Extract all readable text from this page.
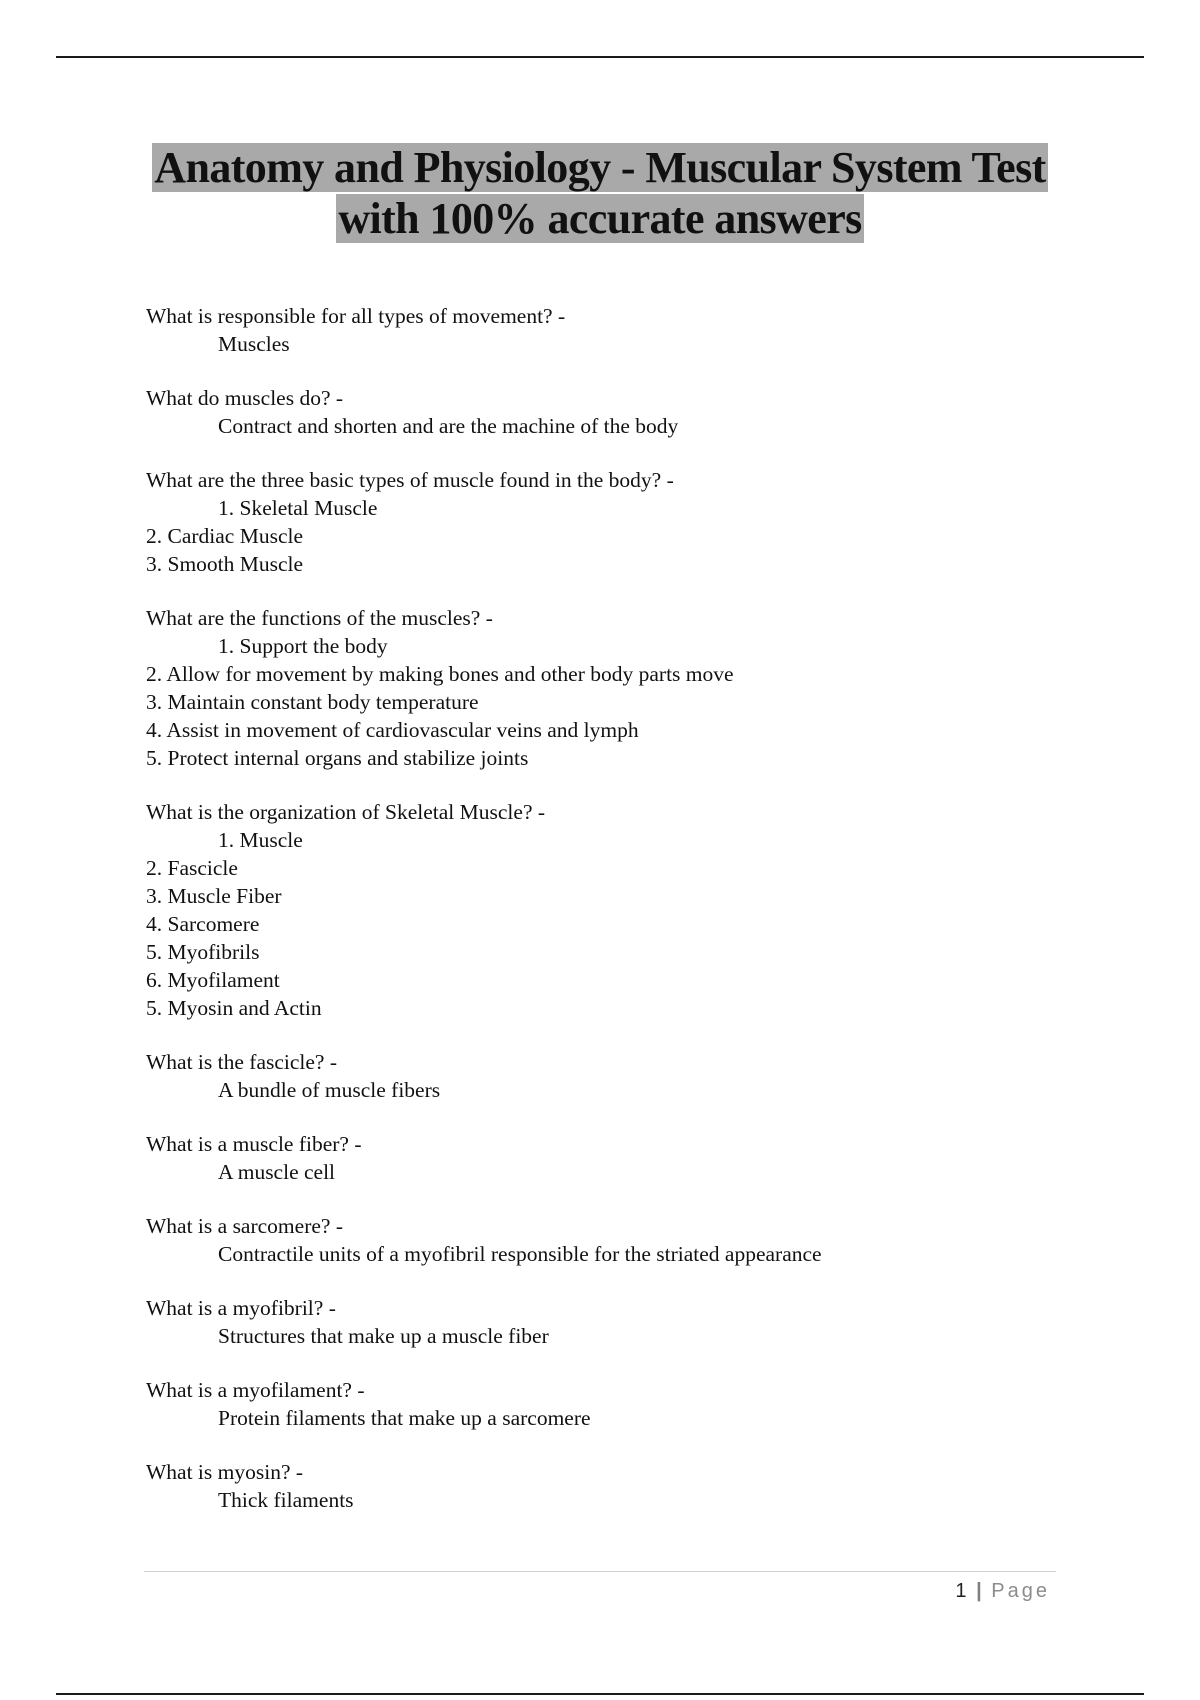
Anatomy and Physiology - Muscular System Test
with 100% accurate answers
What is responsible for all types of movement? -
Muscles
What do muscles do? -
Contract and shorten and are the machine of the body
What are the three basic types of muscle found in the body? -
1. Skeletal Muscle
2. Cardiac Muscle
3. Smooth Muscle
What are the functions of the muscles? -
1. Support the body
2. Allow for movement by making bones and other body parts move
3. Maintain constant body temperature
4. Assist in movement of cardiovascular veins and lymph
5. Protect internal organs and stabilize joints
What is the organization of Skeletal Muscle? -
1. Muscle
2. Fascicle
3. Muscle Fiber
4. Sarcomere
5. Myofibrils
6. Myofilament
5. Myosin and Actin
What is the fascicle? -
A bundle of muscle fibers
What is a muscle fiber? -
A muscle cell
What is a sarcomere? -
Contractile units of a myofibril responsible for the striated appearance
What is a myofibril? -
Structures that make up a muscle fiber
What is a myofilament? -
Protein filaments that make up a sarcomere
What is myosin? -
Thick filaments
1 | Page
